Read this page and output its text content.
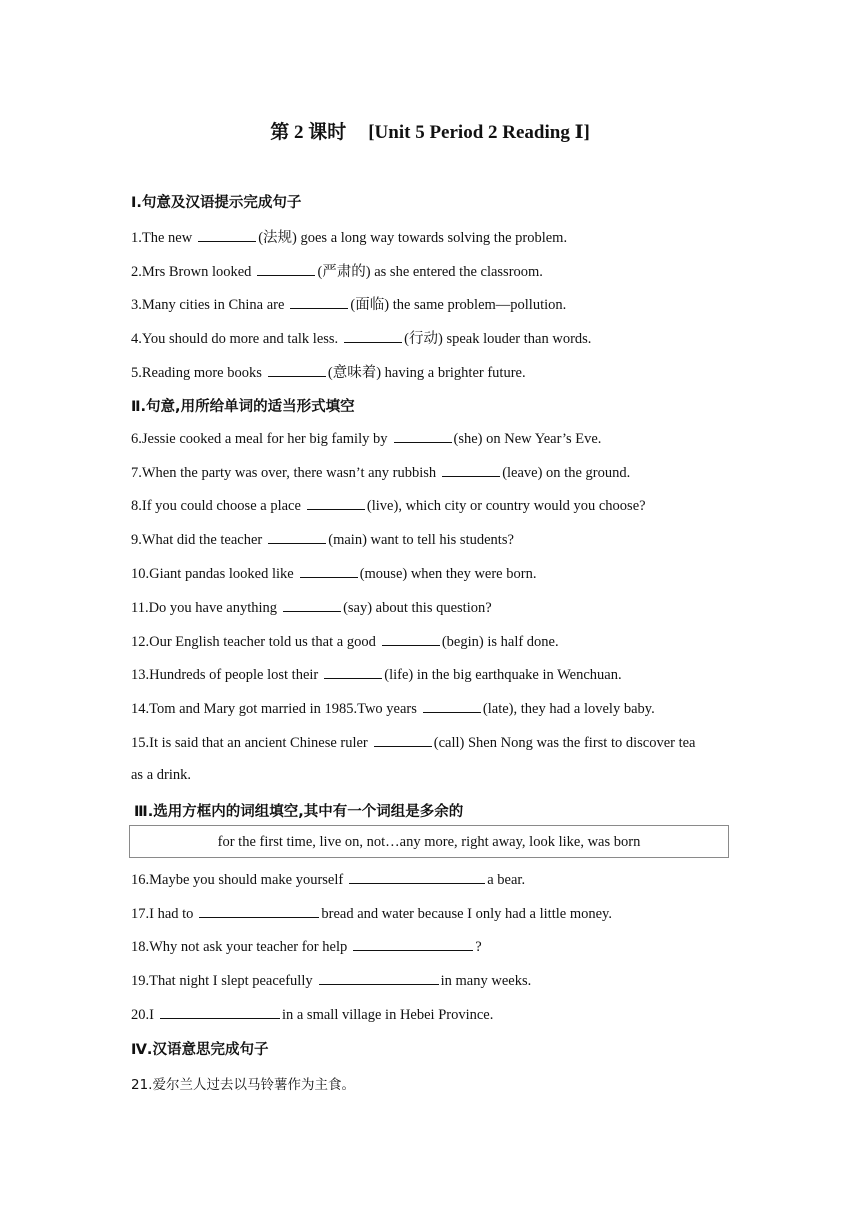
第 2 课时 [Unit 5 Period 2 Reading Ⅰ]
Ⅰ.句意及汉语提示完成句子
1.The new	(法规) goes a long way towards solving the problem.
2.Mrs Brown looked	(严肃的) as she entered the classroom.
3.Many cities in China are	(面临) the same problem—pollution.
4.You should do more and talk less.	(行动) speak louder than words.
5.Reading more books	(意味着) having a brighter future.
Ⅱ.句意,用所给单词的适当形式填空
6.Jessie cooked a meal for her big family by	(she) on New Year’s Eve.
7.When the party was over, there wasn’t any rubbish	(leave) on the ground.
8.If you could choose a place	(live), which city or country would you choose?
9.What did the teacher	(main) want to tell his students?
10.Giant pandas looked like	(mouse) when they were born.
11.Do you have anything	(say) about this question?
12.Our English teacher told us that a good	(begin) is half done.
13.Hundreds of people lost their	(life) in the big earthquake in Wenchuan.
14.Tom and Mary got married in 1985.Two years	(late), they had a lovely baby.
15.It is said that an ancient Chinese ruler	(call) Shen Nong was the first to discover tea
as a drink.
Ⅲ.选用方框内的词组填空,其中有一个词组是多余的
for the first time, live on, not…any more, right away, look like, was born
16.Maybe you should make yourself	a bear.
17.I had to	bread and water because I only had a little money.
18.Why not ask your teacher for help	?
19.That night I slept peacefully	in many weeks.
20.I	in a small village in Hebei Province.
Ⅳ.汉语意思完成句子
21.爱尔兰人过去以马铃薯作为主食。
